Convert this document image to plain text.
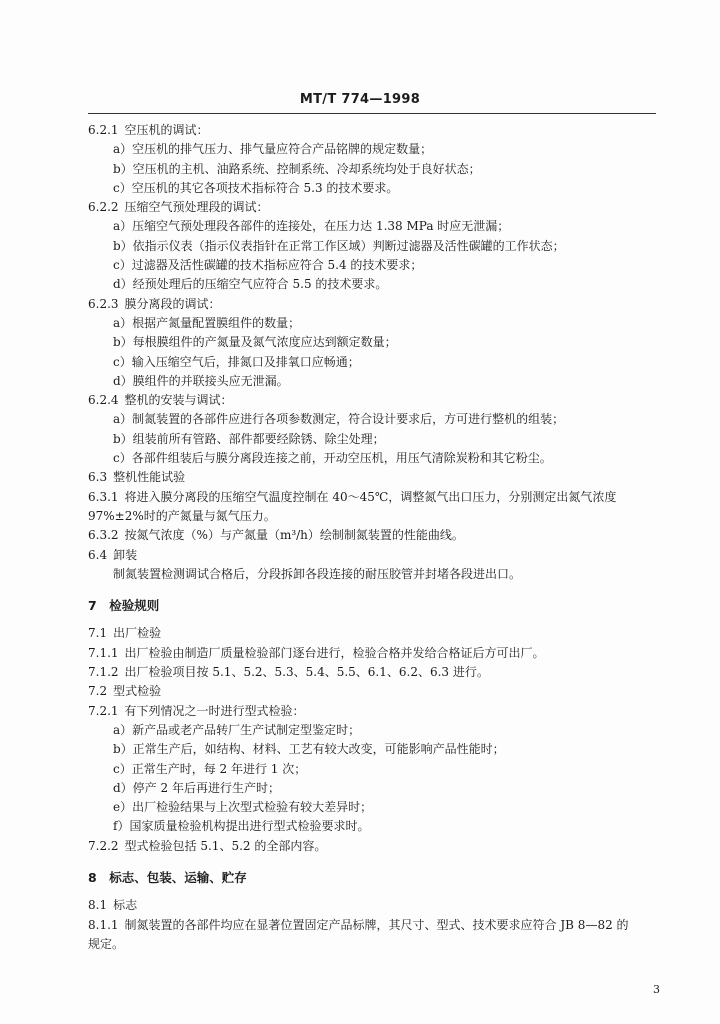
MT/T 774—1998
6.2.1 空压机的调试：
a）空压机的排气压力、排气量应符合产品铭牌的规定数量；
b）空压机的主机、油路系统、控制系统、冷却系统均处于良好状态；
c）空压机的其它各项技术指标符合 5.3 的技术要求。
6.2.2 压缩空气预处理段的调试：
a）压缩空气预处理段各部件的连接处，在压力达 1.38 MPa 时应无泄漏；
b）依指示仪表（指示仪表指针在正常工作区域）判断过滤器及活性碳罐的工作状态；
c）过滤器及活性碳罐的技术指标应符合 5.4 的技术要求；
d）经预处理后的压缩空气应符合 5.5 的技术要求。
6.2.3 膜分离段的调试：
a）根据产氮量配置膜组件的数量；
b）每根膜组件的产氮量及氮气浓度应达到额定数量；
c）输入压缩空气后，排氮口及排氧口应畅通；
d）膜组件的并联接头应无泄漏。
6.2.4 整机的安装与调试：
a）制氮装置的各部件应进行各项参数测定，符合设计要求后，方可进行整机的组装；
b）组装前所有管路、部件都要经除锈、除尘处理；
c）各部件组装后与膜分离段连接之前，开动空压机，用压气清除炭粉和其它粉尘。
6.3 整机性能试验
6.3.1 将进入膜分离段的压缩空气温度控制在 40～45℃，调整氮气出口压力，分别测定出氮气浓度
97%±2%时的产氮量与氮气压力。
6.3.2 按氮气浓度（%）与产氮量（m³/h）绘制制氮装置的性能曲线。
6.4 卸装
制氮装置检测调试合格后，分段拆卸各段连接的耐压胶管并封堵各段进出口。
7　检验规则
7.1 出厂检验
7.1.1 出厂检验由制造厂质量检验部门逐台进行，检验合格并发给合格证后方可出厂。
7.1.2 出厂检验项目按 5.1、5.2、5.3、5.4、5.5、6.1、6.2、6.3 进行。
7.2 型式检验
7.2.1 有下列情况之一时进行型式检验：
a）新产品或老产品转厂生产试制定型鉴定时；
b）正常生产后，如结构、材料、工艺有较大改变，可能影响产品性能时；
c）正常生产时，每 2 年进行 1 次；
d）停产 2 年后再进行生产时；
e）出厂检验结果与上次型式检验有较大差异时；
f）国家质量检验机构提出进行型式检验要求时。
7.2.2 型式检验包括 5.1、5.2 的全部内容。
8　标志、包装、运输、贮存
8.1 标志
8.1.1 制氮装置的各部件均应在显著位置固定产品标牌，其尺寸、型式、技术要求应符合 JB 8—82 的
规定。
3
